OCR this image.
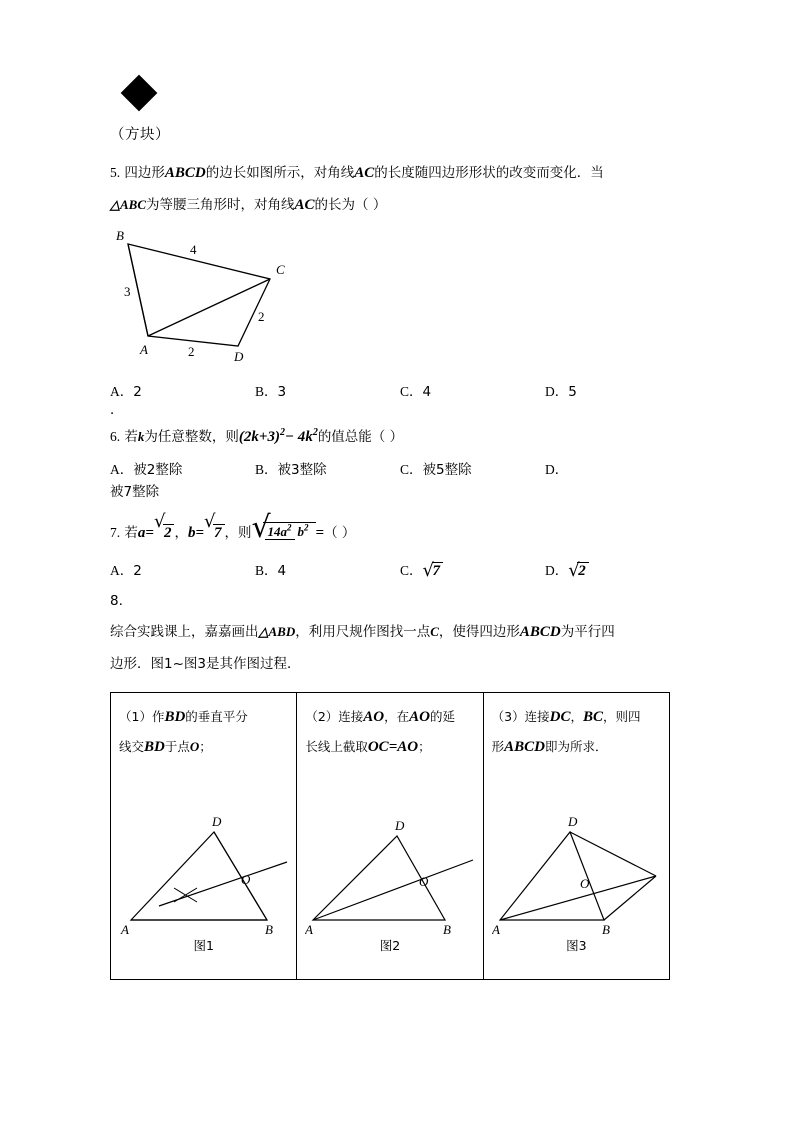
（方块）
5. 四边形ABCD的边长如图所示，对角线AC的长度随四边形形状的改变而变化．当
△ABC为等腰三角形时，对角线AC的长为（ ）
B
C
A	D
4
3
2
2
A．2	B．3	C．4	D．5
．
6. 若k为任意整数，则$(2k+3)^2- 4k^2$的值总能（ ）
A．被2整除	B．被3整除	C．被5整除	D．
被7整除
7. 若a=
√
2 ，b=
√
7 ，则 √
$14a^2$ $b^2$ =（ ）
A．2	B．4	C． √
7	D． √
2
8.
综合实践课上，嘉嘉画出△ABD，利用尺规作图找一点C，使得四边形ABCD为平行四
边形．图1~图3是其作图过程．
（1）作BD的垂直平分
线交BD于点O；
D
O
A	B
图1

（2）连接AO，在AO的延
长线上截取OC=AO；
D
O
A	B
图2

（3）连接DC，BC，则四
形ABCD即为所求．
D
O
A	B
图3
